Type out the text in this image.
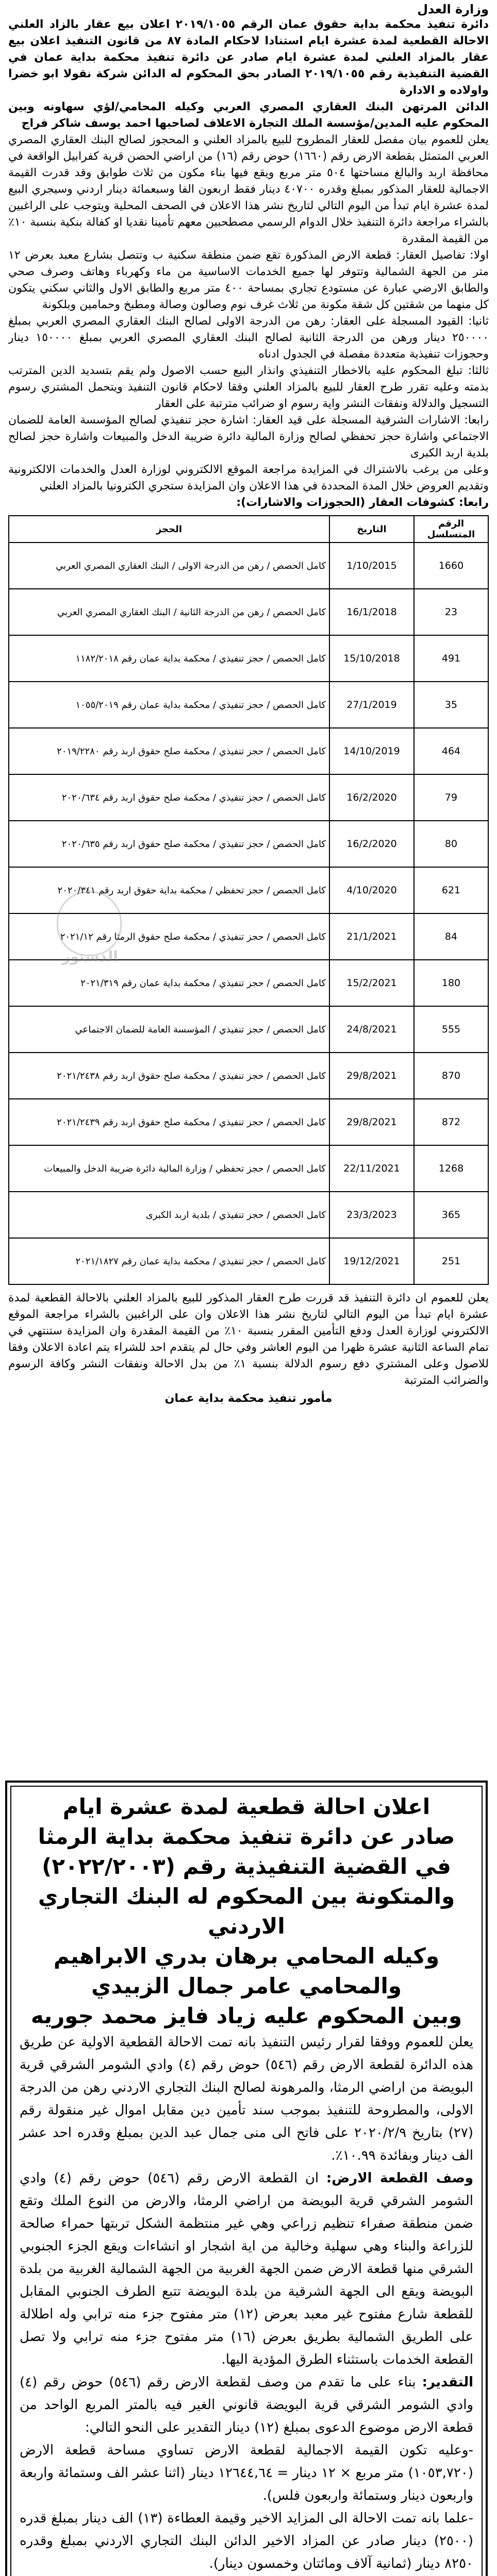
وزارة العدل

دائرة تنفيذ محكمة بداية حقوق عمان الرقم ٢٠١٩/١٠٥٥ اعلان بيع عقار بالزاد العلني الاحالة القطعية لمدة عشرة ايام استنادا لاحكام المادة ٨٧ من قانون التنفيذ اعلان بيع عقار بالمزاد العلني لمدة عشرة ايام صادر عن دائرة تنفيذ محكمة بداية عمان في القضية التنفيذية رقم ٢٠١٩/١٠٥٥ الصادر بحق المحكوم له الدائن شركة نقولا ابو خضرا واولاده و الادارة

الدائن المرتهن البنك العقاري المصري العربي وكيله المحامي/لؤي سهاونه وبين المحكوم عليه المدين/مؤسسة الملك التجارة الاعلاف لصاحبها احمد يوسف شاكر فراج

يعلن للعموم بيان مفصل للعقار المطروح للبيع بالمزاد العلني و المحجوز لصالح البنك العقاري المصري العربي المتمثل بقطعة الارض رقم (١٦٦٠) حوض رقم (١٦) من اراضي الحصن قرية كفرابيل الواقعة في محافظة اربد والبالغ مساحتها ٥٠٤ متر مربع ويقع فيها بناء مكون من ثلاث طوابق وقد قدرت القيمة الاجمالية للعقار المذكور بمبلغ وقدره ٤٠٧٠٠ دينار فقط اربعون الفا وسبعمائة دينار اردني وسيجري البيع لمدة عشرة ايام تبدأ من اليوم التالي لتاريخ نشر هذا الاعلان في الصحف المحلية ويتوجب على الراغبين بالشراء مراجعة دائرة التنفيذ خلال الدوام الرسمي مصطحبين معهم تأمينا نقديا او كفالة بنكية بنسبة ١٠٪ من القيمة المقدرة

اولا: تفاصيل العقار: قطعة الارض المذكورة تقع ضمن منطقة سكنية ب وتتصل بشارع معبد بعرض ١٢ متر من الجهة الشمالية وتتوفر لها جميع الخدمات الاساسية من ماء وكهرباء وهاتف وصرف صحي والطابق الارضي عبارة عن مستودع تجاري بمساحة ٤٠٠ متر مربع والطابق الاول والثاني سكني يتكون كل منهما من شقتين كل شقة مكونة من ثلاث غرف نوم وصالون وصالة ومطبخ وحمامين وبلكونة

ثانيا: القيود المسجلة على العقار: رهن من الدرجة الاولى لصالح البنك العقاري المصري العربي بمبلغ ٢٥٠٠٠٠ دينار ورهن من الدرجة الثانية لصالح البنك العقاري المصري العربي بمبلغ ١٥٠٠٠٠ دينار وحجوزات تنفيذية متعددة مفصلة في الجدول ادناه

ثالثا: تبلغ المحكوم عليه بالاخطار التنفيذي وانذار البيع حسب الاصول ولم يقم بتسديد الدين المترتب بذمته وعليه تقرر طرح العقار للبيع بالمزاد العلني وفقا لاحكام قانون التنفيذ ويتحمل المشتري رسوم التسجيل والدلالة ونفقات النشر واية رسوم او ضرائب مترتبة على العقار

رابعا: الاشارات الشرفية المسجلة على قيد العقار: اشارة حجز تنفيذي لصالح المؤسسة العامة للضمان الاجتماعي واشارة حجز تحفظي لصالح وزارة المالية دائرة ضريبة الدخل والمبيعات واشارة حجز لصالح بلدية اربد الكبرى

وعلى من يرغب بالاشتراك في المزايدة مراجعة الموقع الالكتروني لوزارة العدل والخدمات الالكترونية وتقديم العروض خلال المدة المحددة في هذا الاعلان وان المزايدة ستجري الكترونيا بالمزاد العلني

رابعا: كشوفات العقار (الحجوزات والاشارات):

الرقم المتسلسل	التاريخ	الحجز
1660	1/10/2015	كامل الحصص / رهن من الدرجة الاولى / البنك العقاري المصري العربي
23	16/1/2018	كامل الحصص / رهن من الدرجة الثانية / البنك العقاري المصري العربي
491	15/10/2018	كامل الحصص / حجز تنفيذي / محكمة بداية عمان رقم ١١٨٢/٢٠١٨
35	27/1/2019	كامل الحصص / حجز تنفيذي / محكمة بداية عمان رقم ١٠٥٥/٢٠١٩
464	14/10/2019	كامل الحصص / حجز تنفيذي / محكمة صلح حقوق اربد رقم ٢٠١٩/٢٢٨٠
79	16/2/2020	كامل الحصص / حجز تنفيذي / محكمة صلح حقوق اربد رقم ٢٠٢٠/٦٣٤
80	16/2/2020	كامل الحصص / حجز تنفيذي / محكمة صلح حقوق اربد رقم ٢٠٢٠/٦٣٥
621	4/10/2020	كامل الحصص / حجز تحفظي / محكمة بداية حقوق اربد رقم ٢٠٢٠/٣٤١
84	21/1/2021	كامل الحصص / حجز تنفيذي / محكمة صلح حقوق الرمثا رقم ٢٠٢١/١٢
180	15/2/2021	كامل الحصص / حجز تنفيذي / محكمة بداية عمان رقم ٢٠٢١/٣١٩
555	24/8/2021	كامل الحصص / حجز تنفيذي / المؤسسة العامة للضمان الاجتماعي
870	29/8/2021	كامل الحصص / حجز تنفيذي / محكمة صلح حقوق اربد رقم ٢٠٢١/٢٤٣٨
872	29/8/2021	كامل الحصص / حجز تنفيذي / محكمة صلح حقوق اربد رقم ٢٠٢١/٢٤٣٩
1268	22/11/2021	كامل الحصص / حجز تحفظي / وزارة المالية دائرة ضريبة الدخل والمبيعات
365	23/3/2023	كامل الحصص / حجز تنفيذي / بلدية اربد الكبرى
251	19/12/2021	كامل الحصص / حجز تنفيذي / محكمة بداية عمان رقم ٢٠٢١/١٨٢٧

يعلن للعموم ان دائرة التنفيذ قد قررت طرح العقار المذكور للبيع بالمزاد العلني بالاحالة القطعية لمدة عشرة ايام تبدأ من اليوم التالي لتاريخ نشر هذا الاعلان وان على الراغبين بالشراء مراجعة الموقع الالكتروني لوزارة العدل ودفع التأمين المقرر بنسبة ١٠٪ من القيمة المقدرة وان المزايدة ستنتهي في تمام الساعة الثانية عشرة ظهرا من اليوم العاشر وفي حال لم يتقدم احد للشراء يتم اعادة الاعلان وفقا للاصول وعلى المشتري دفع رسوم الدلالة بنسبة ١٪ من بدل الاحالة ونفقات النشر وكافة الرسوم والضرائب المترتبة

مأمور تنفيذ محكمة بداية عمان

اعلان احالة قطعية لمدة عشرة ايام

صادر عن دائرة تنفيذ محكمة بداية الرمثا

في القضية التنفيذية رقم (٢٠٢٢/٢٠٠٣)

والمتكونة بين المحكوم له البنك التجاري الاردني

وكيله المحامي برهان بدري الابراهيم

والمحامي عامر جمال الزبيدي

وبين المحكوم عليه زياد فايز محمد جوريه

يعلن للعموم ووفقا لقرار رئيس التنفيذ بانه تمت الاحالة القطعية الاولية عن طريق هذه الدائرة لقطعة الارض رقم (٥٤٦) حوض رقم (٤) وادي الشومر الشرقي قرية البويضة من اراضي الرمثا، والمرهونة لصالح البنك التجاري الاردني رهن من الدرجة الاولى، والمطروحة للتنفيذ بموجب سند تأمين دين مقابل اموال غير منقولة رقم (٢٧) بتاريخ ٢٠٢٠/٢/٩ على فاتح الى منى جمال عبد الدين بمبلغ وقدره احد عشر الف دينار وبفائدة ١٠.٩٩٪.

وصف القطعة الارض: ان القطعة الارض رقم (٥٤٦) حوض رقم (٤) وادي الشومر الشرقي قرية البويضة من اراضي الرمثا، والارض من النوع الملك وتقع ضمن منطقة صفراء تنظيم زراعي وهي غير منتظمة الشكل تربتها حمراء صالحة للزراعة والبناء وهي سهلية وخالية من اية اشجار او انشاءات ويقع الجزء الجنوبي الشرقي منها قطعة الارض ضمن الجهة الغربية من الجهة الشمالية الغربية من بلدة البويضة ويقع الى الجهة الشرقية من بلدة البويضة تتبع الطرف الجنوبي المقابل للقطعة شارع مفتوح غير معبد بعرض (١٢) متر مفتوح جزء منه ترابي وله اطلالة على الطريق الشمالية بطريق بعرض (١٦) متر مفتوح جزء منه ترابي ولا تصل القطعة الخدمات باستثناء الطرق المؤدية اليها.

التقدير: بناء على ما تقدم من وصف لقطعة الارض رقم (٥٤٦) حوض رقم (٤) وادي الشومر الشرقي قرية البويضة قانوني الغير فيه بالمتر المربع الواحد من قطعة الارض موضوع الدعوى بمبلغ (١٢) دينار التقدير على النحو التالي:

-وعليه تكون القيمة الاجمالية لقطعة الارض تساوي مساحة قطعة الارض (١٠٥٣,٧٢٠) متر مربع × ١٢ دينار = ١٢٦٤٤,٦٤ دينار (اثنا عشر الف وستمائة واربعة واربعون دينار وستمائة واربعون فلس).

-علما بانه تمت الاحالة الى المزايد الاخير وقيمة العطاءة (١٣) الف دينار بمبلغ قدره (٢٥٠٠) دينار صادر عن المزاد الاخير الدائن البنك التجاري الاردني بمبلغ وقدره ٨٢٥٠ دينار (ثمانية آلاف ومائتان وخمسون دينار).

الدستور
